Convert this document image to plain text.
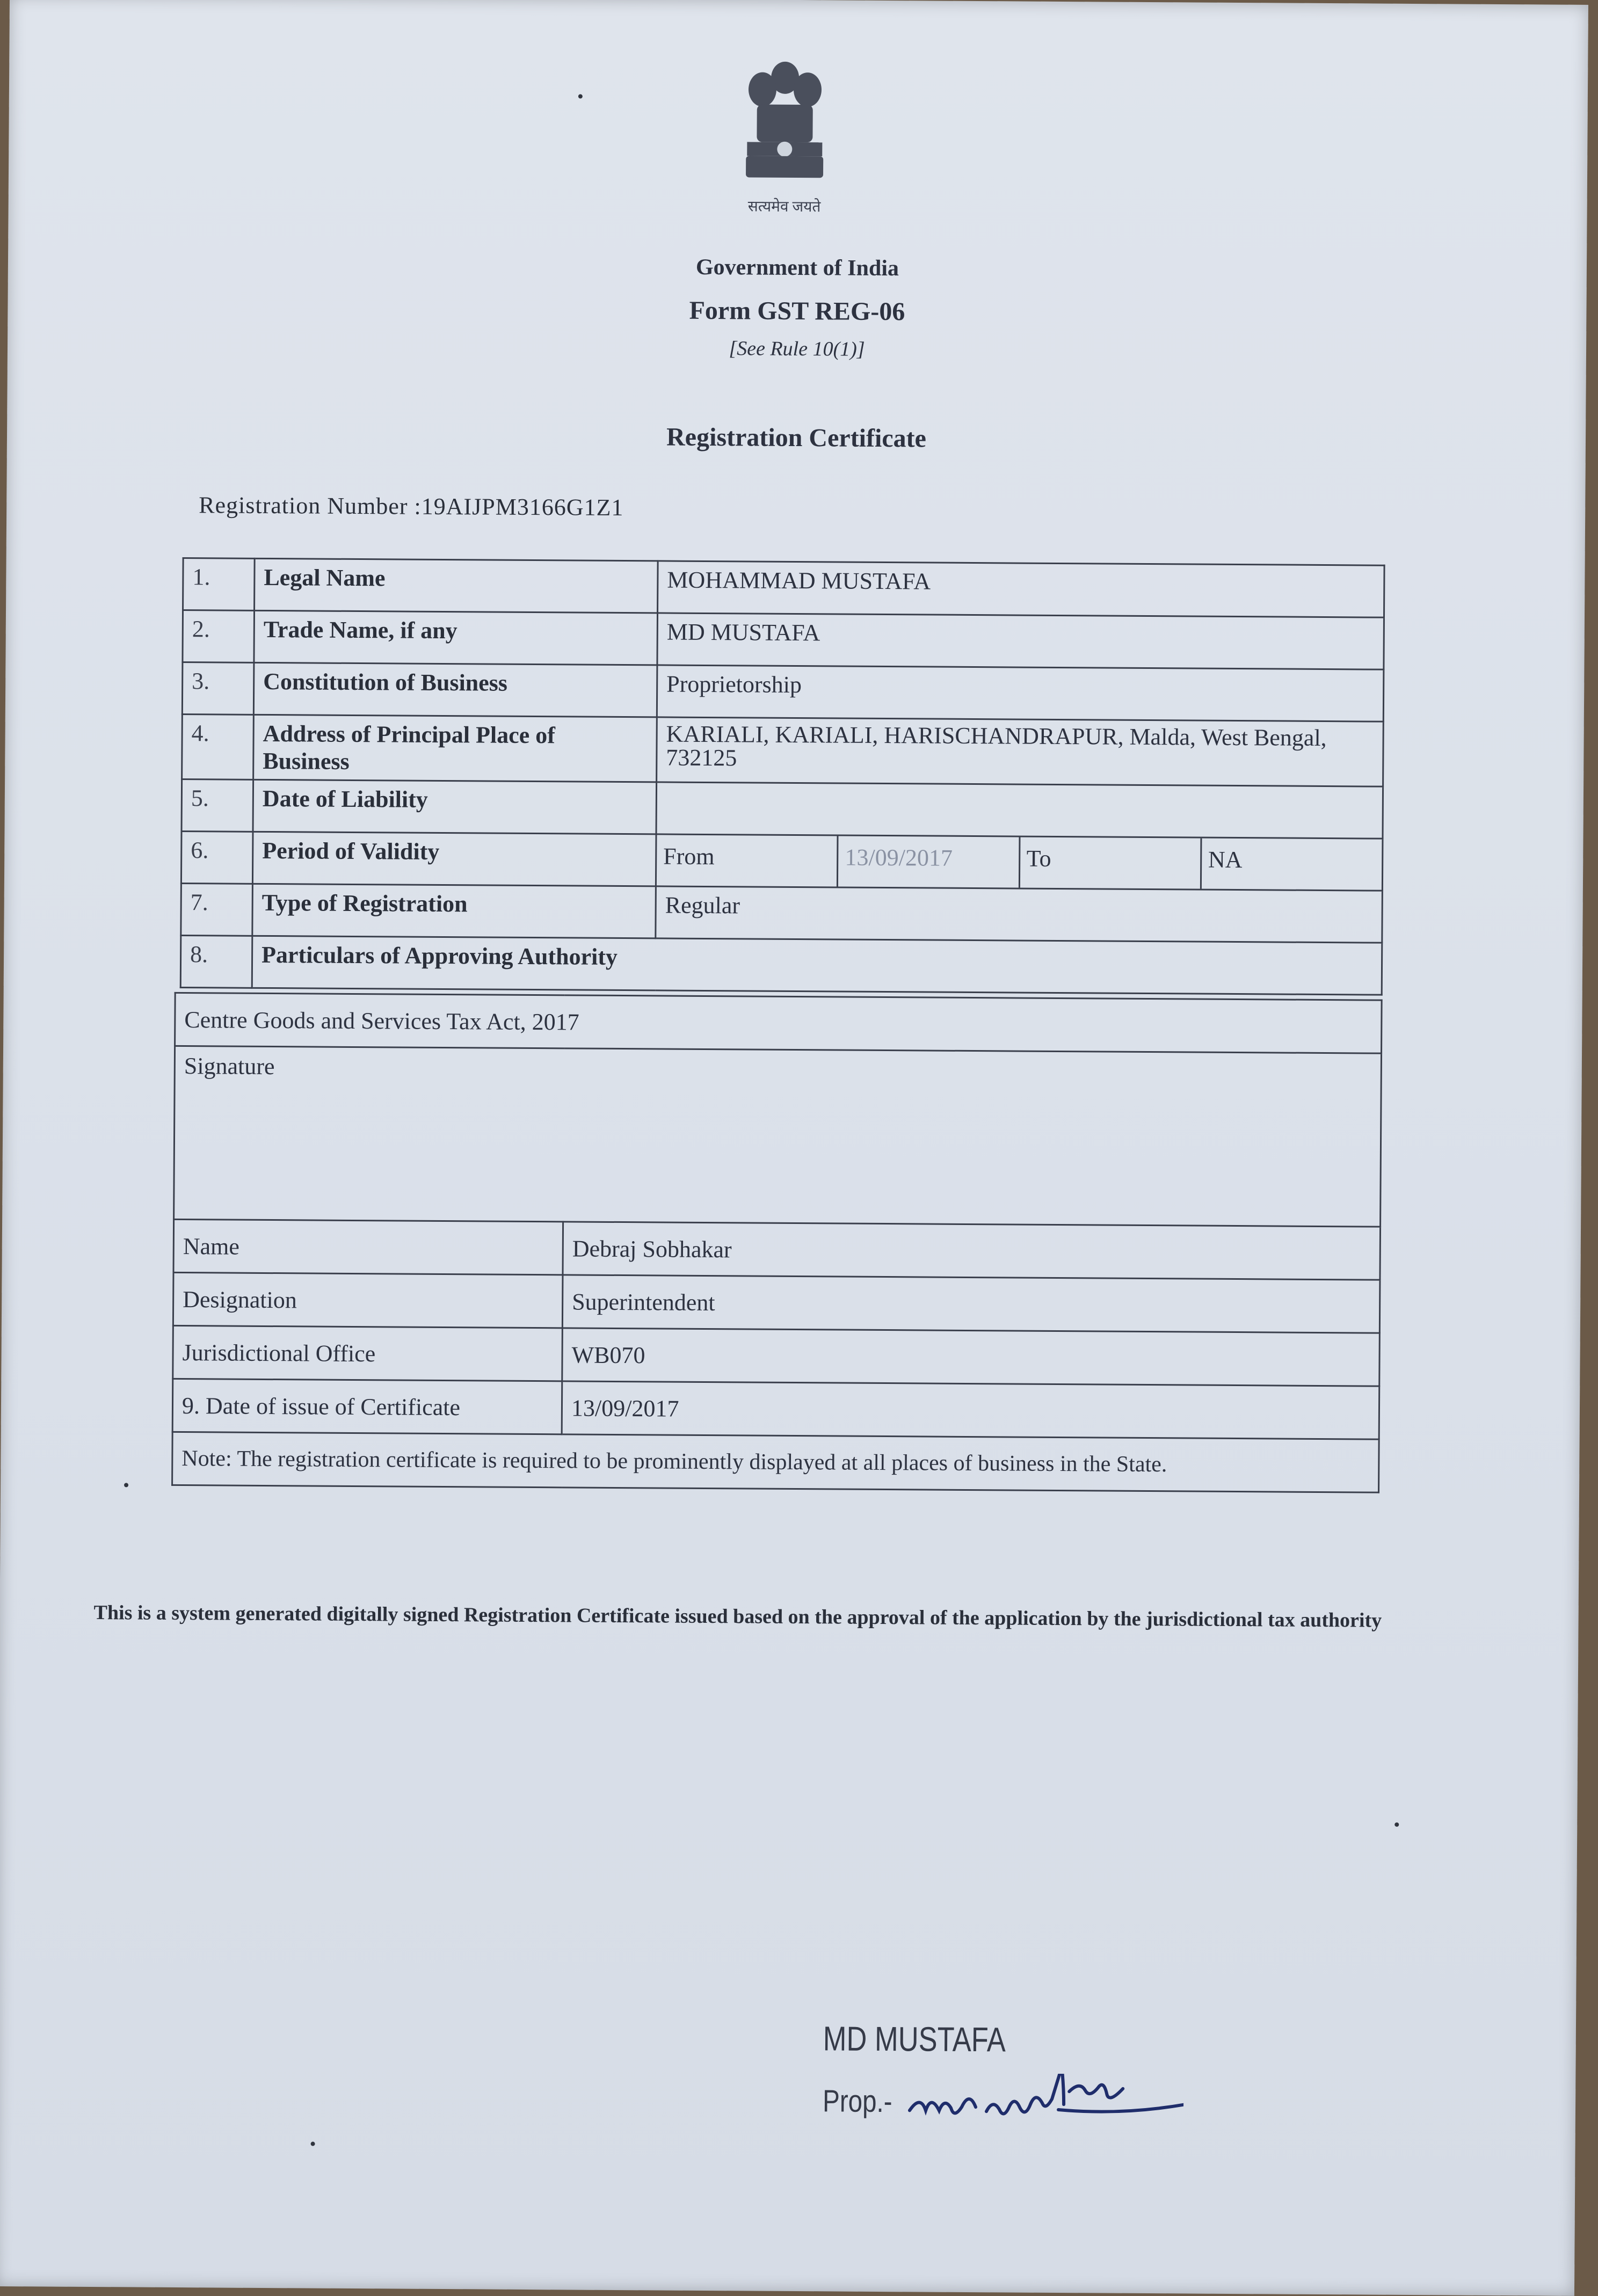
सत्यमेव जयते
Government of India
Form GST REG-06
[See Rule 10(1)]
Registration Certificate
Registration Number :19AIJPM3166G1Z1
1.	Legal Name	MOHAMMAD MUSTAFA
2.	Trade Name, if any	MD MUSTAFA
3.	Constitution of Business	Proprietorship
4.	Address of Principal Place of Business	KARIALI, KARIALI, HARISCHANDRAPUR, Malda, West Bengal, 732125
5.	Date of Liability	
6.	Period of Validity	From 13/09/2017 To NA

7.	Type of Registration	Regular
8.	Particulars of Approving Authority	
Centre Goods and Services Tax Act, 2017	
Signature	
Name	Debraj Sobhakar
Designation	Superintendent
Jurisdictional Office	WB070
9. Date of issue of Certificate	13/09/2017
Note: The registration certificate is required to be prominently displayed at all places of business in the State.	
This is a system generated digitally signed Registration Certificate issued based on the approval of the application by the jurisdictional tax authority
MD MUSTAFA
Prop.-
